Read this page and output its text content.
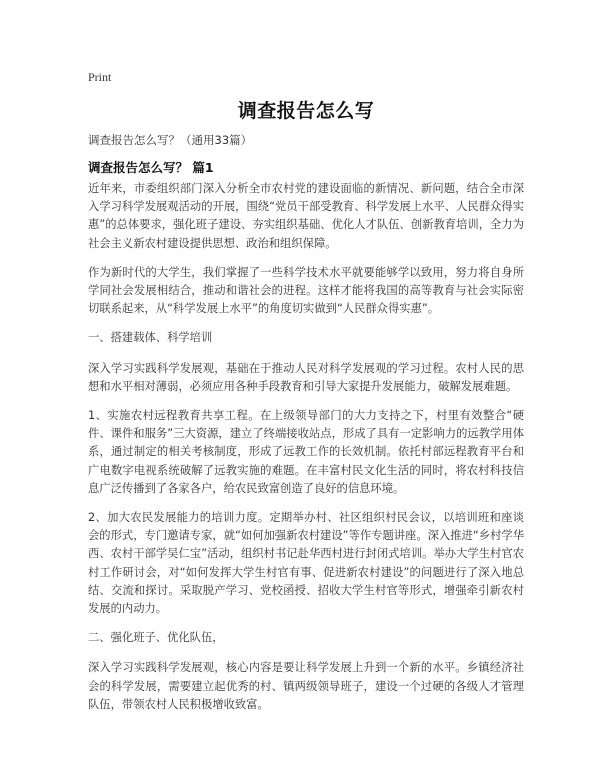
Print
调查报告怎么写

调查报告怎么写？（通用33篇）

调查报告怎么写？ 篇1

近年来，市委组织部门深入分析全市农村党的建设面临的新情况、新问题，结合全市深入学习科学发展观活动的开展，围绕“党员干部受教育、科学发展上水平、人民群众得实惠”的总体要求，强化班子建设、夯实组织基础、优化人才队伍、创新教育培训，全力为社会主义新农村建设提供思想、政治和组织保障。

作为新时代的大学生，我们掌握了一些科学技术水平就要能够学以致用，努力将自身所学同社会发展相结合，推动和谐社会的进程。这样才能将我国的高等教育与社会实际密切联系起来，从“科学发展上水平”的角度切实做到“人民群众得实惠”。

一、搭建载体、科学培训

深入学习实践科学发展观，基础在于推动人民对科学发展观的学习过程。农村人民的思想和水平相对薄弱，必须应用各种手段教育和引导大家提升发展能力，破解发展难题。

1、实施农村远程教育共享工程。在上级领导部门的大力支持之下，村里有效整合“硬件、课件和服务”三大资源，建立了终端接收站点，形成了具有一定影响力的远教学用体系，通过制定的相关考核制度，形成了远教工作的长效机制。依托村部远程教育平台和广电数字电视系统破解了远教实施的难题。在丰富村民文化生活的同时，将农村科技信息广泛传播到了各家各户，给农民致富创造了良好的信息环境。

2、加大农民发展能力的培训力度。定期举办村、社区组织村民会议，以培训班和座谈会的形式，专门邀请专家，就“如何加强新农村建设”等作专题讲座。深入推进“乡村学华西、农村干部学吴仁宝”活动，组织村书记赴华西村进行封闭式培训。举办大学生村官农村工作研讨会，对“如何发挥大学生村官有事、促进新农村建设”的问题进行了深入地总结、交流和探讨。采取脱产学习、党校函授、招收大学生村官等形式，增强牵引新农村发展的内动力。

二、强化班子、优化队伍，

深入学习实践科学发展观，核心内容是要让科学发展上升到一个新的水平。乡镇经济社会的科学发展，需要建立起优秀的村、镇两级领导班子，建设一个过硬的各级人才管理队伍，带领农村人民积极增收致富。
